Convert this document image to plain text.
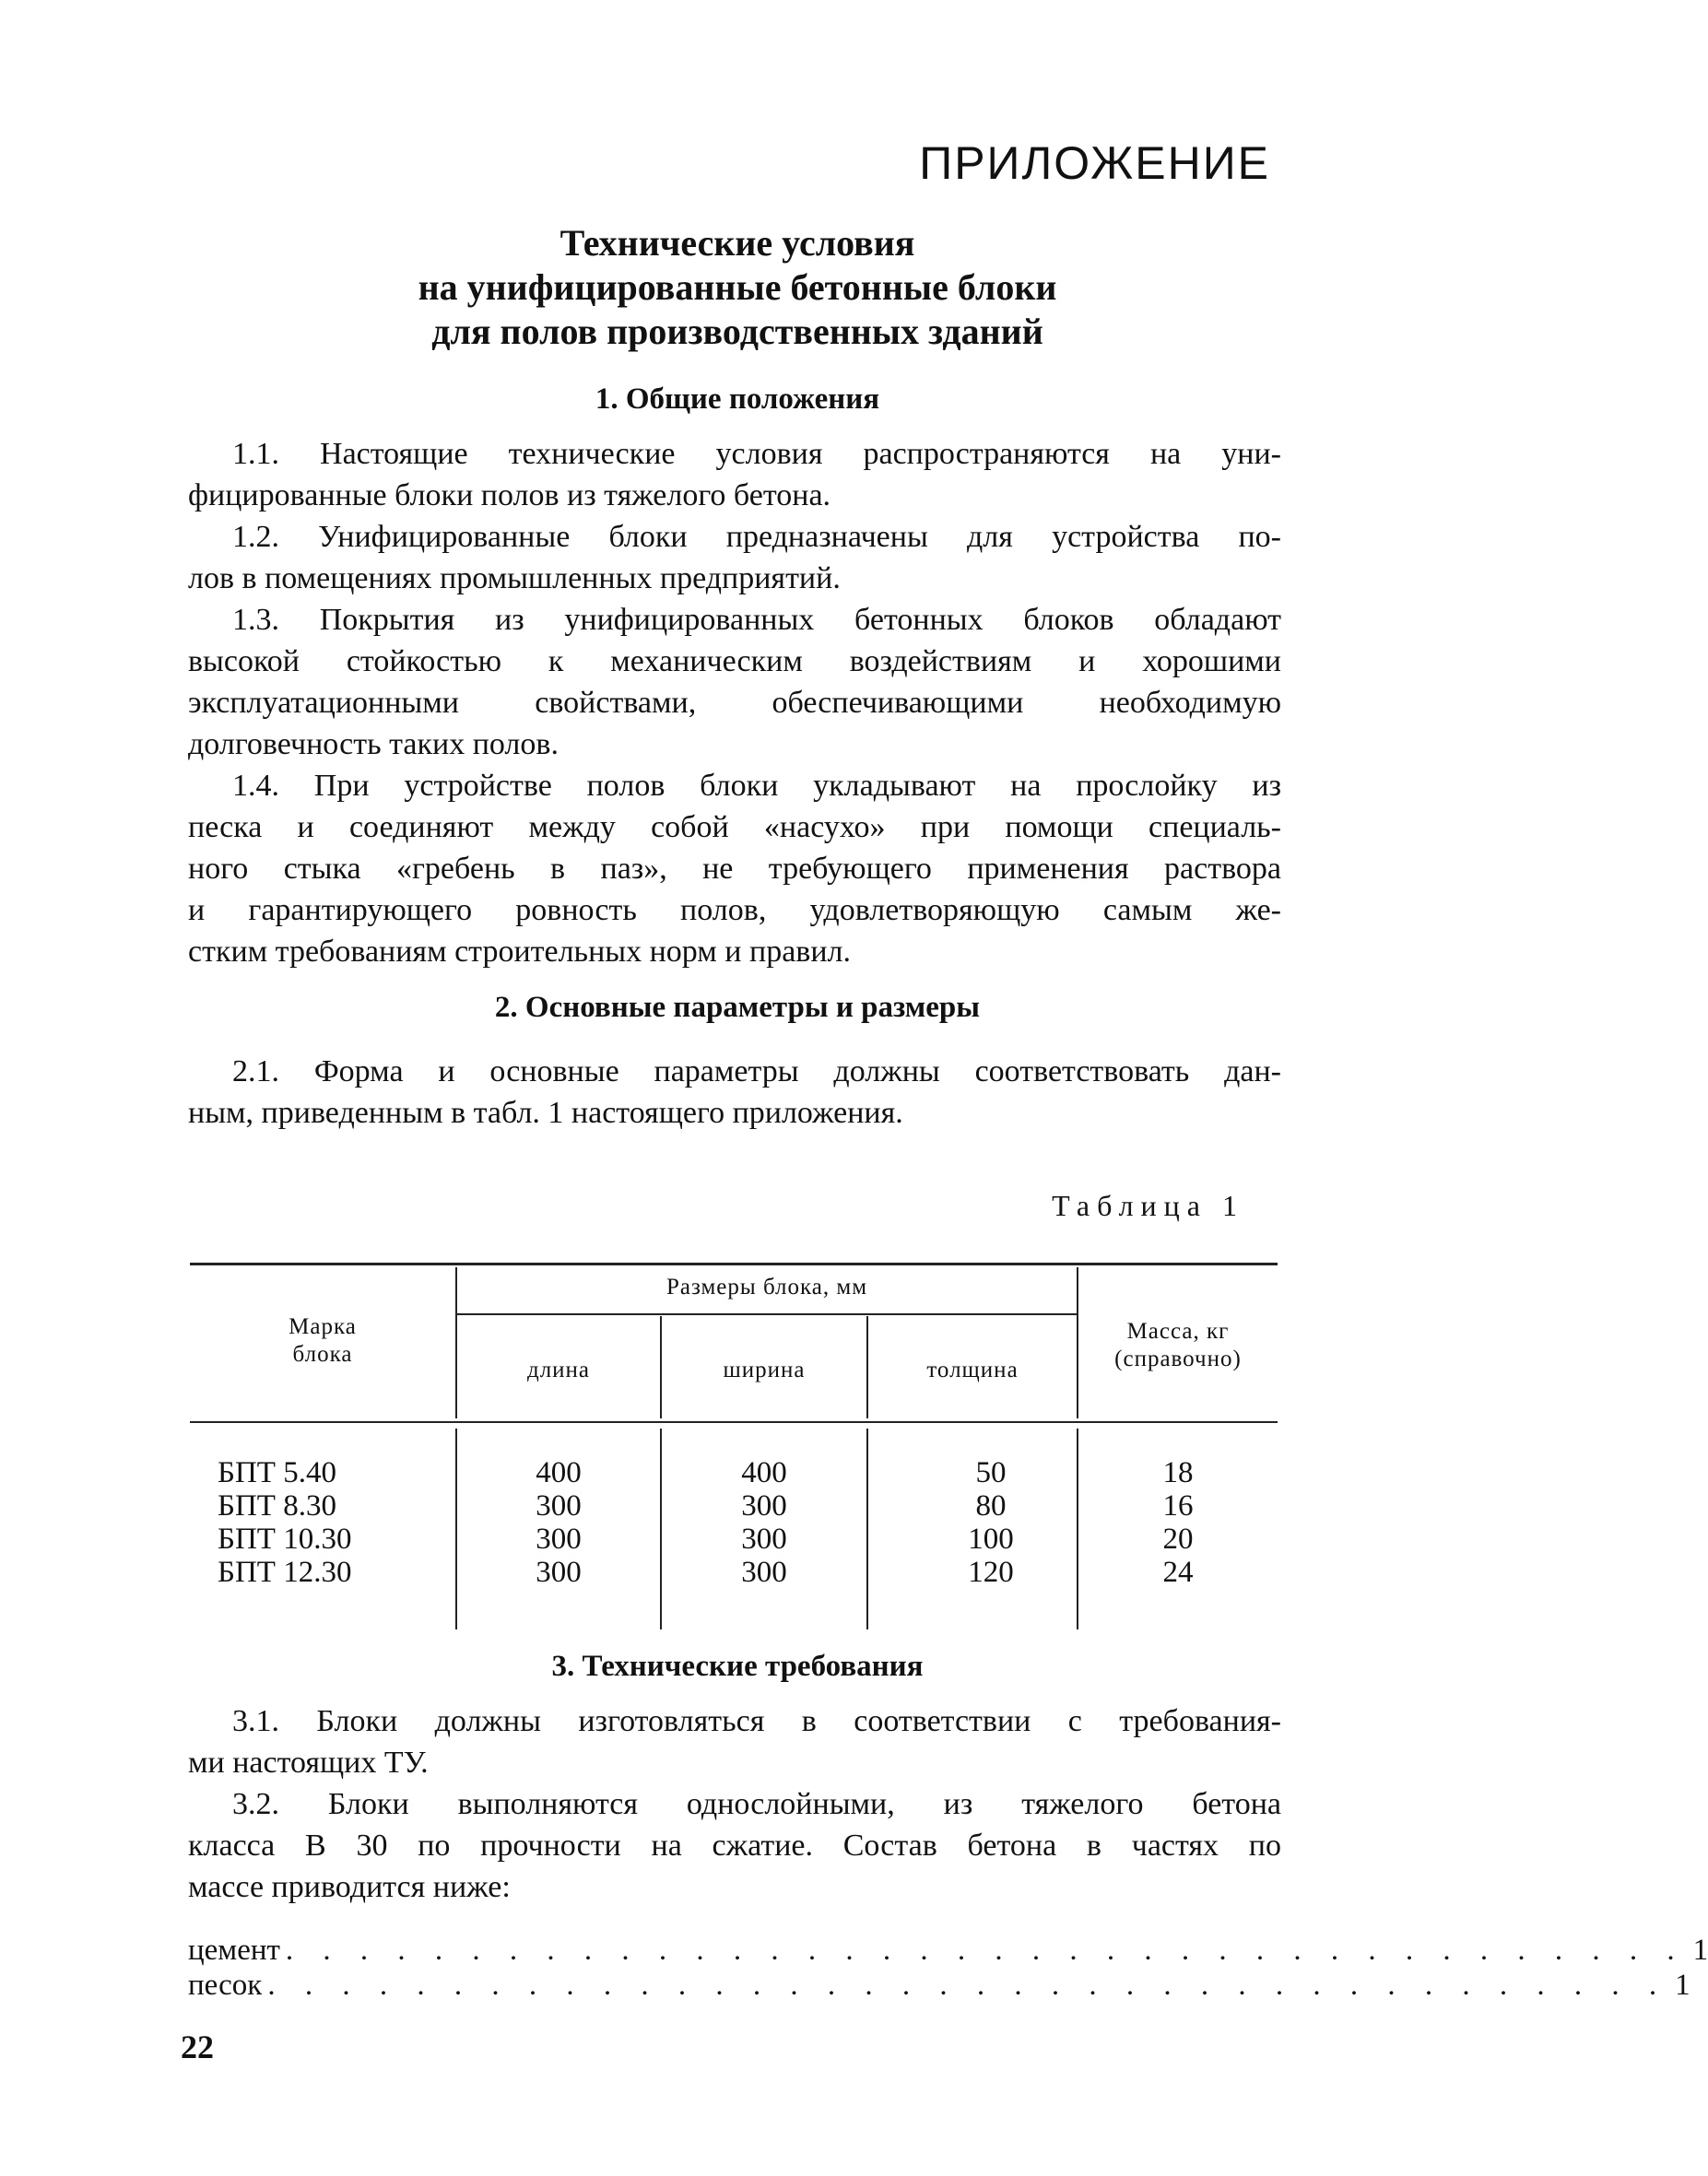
ПРИЛОЖЕНИЕ
Технические условия
на унифицированные бетонные блоки
для полов производственных зданий
1. Общие положения
1.1. Настоящие технические условия распространяются на уни-
фицированные блоки полов из тяжелого бетона.
1.2. Унифицированные блоки предназначены для устройства по-
лов в помещениях промышленных предприятий.
1.3. Покрытия из унифицированных бетонных блоков обладают
высокой стойкостью к механическим воздействиям и хорошими
эксплуатационными свойствами, обеспечивающими необходимую
долговечность таких полов.
1.4. При устройстве полов блоки укладывают на прослойку из
песка и соединяют между собой «насухо» при помощи специаль-
ного стыка «гребень в паз», не требующего применения раствора
и гарантирующего ровность полов, удовлетворяющую самым же-
стким требованиям строительных норм и правил.
2. Основные параметры и размеры
2.1. Форма и основные параметры должны соответствовать дан-
ным, приведенным в табл. 1 настоящего приложения.
Таблица 1
Марка
блока
Размеры блока, мм
длина	ширина	толщина
Масса, кг
(справочно)
БПТ 5.40	400	400	50	18
БПТ 8.30	300	300	80	16
БПТ 10.30	300	300	100	20
БПТ 12.30	300	300	120	24
3. Технические требования
3.1. Блоки должны изготовляться в соответствии с требования-
ми настоящих ТУ.
3.2. Блоки выполняются однослойными, из тяжелого бетона
класса В 30 по прочности на сжатие. Состав бетона в частях по
массе приводится ниже:
цемент . . . . . . . . . . . . . . . . . . . . . . . . . . . . . . . . . . . . . . 1
песок . . . . . . . . . . . . . . . . . . . . . . . . . . . . . . . . . . . . . . 1
22
